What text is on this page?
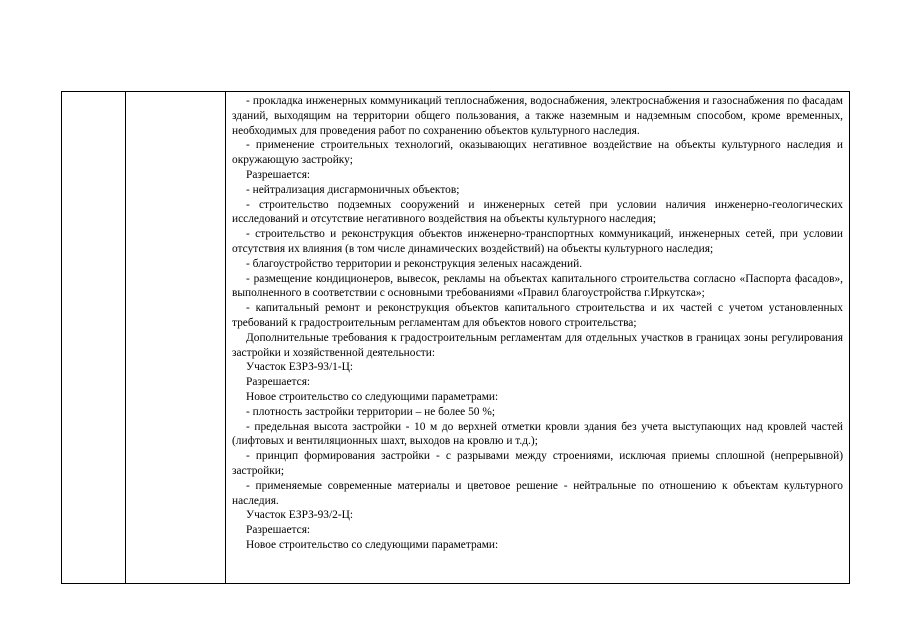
- прокладка инженерных коммуникаций теплоснабжения, водоснабжения, электроснабжения и газоснабжения по фасадам зданий, выходящим на территории общего пользования, а также наземным и надземным способом, кроме временных, необходимых для проведения работ по сохранению объектов культурного наследия.

- применение строительных технологий, оказывающих негативное воздействие на объекты культурного наследия и окружающую застройку;

Разрешается:

- нейтрализация дисгармоничных объектов;

- строительство подземных сооружений и инженерных сетей при условии наличия инженерно-геологических исследований и отсутствие негативного воздействия на объекты культурного наследия;

- строительство и реконструкция объектов инженерно-транспортных коммуникаций, инженерных сетей, при условии отсутствия их влияния (в том числе динамических воздействий) на объекты культурного наследия;

- благоустройство территории и реконструкция зеленых насаждений.

- размещение кондиционеров, вывесок, рекламы на объектах капитального строительства согласно «Паспорта фасадов», выполненного в соответствии с основными требованиями «Правил благоустройства г.Иркутска»;

- капитальный ремонт и реконструкция объектов капитального строительства и их частей с учетом установленных требований к градостроительным регламентам для объектов нового строительства;

Дополнительные требования к градостроительным регламентам для отдельных участков в границах зоны регулирования застройки и хозяйственной деятельности:

Участок ЕЗРЗ-93/1-Ц:

Разрешается:

Новое строительство со следующими параметрами:

- плотность застройки территории – не более 50 %;

- предельная высота застройки - 10 м до верхней отметки кровли здания без учета выступающих над кровлей частей (лифтовых и вентиляционных шахт, выходов на кровлю и т.д.);

- принцип формирования застройки - с разрывами между строениями, исключая приемы сплошной (непрерывной) застройки;

- применяемые современные материалы и цветовое решение - нейтральные по отношению к объектам культурного наследия.

Участок ЕЗРЗ-93/2-Ц:

Разрешается:

Новое строительство со следующими параметрами:
